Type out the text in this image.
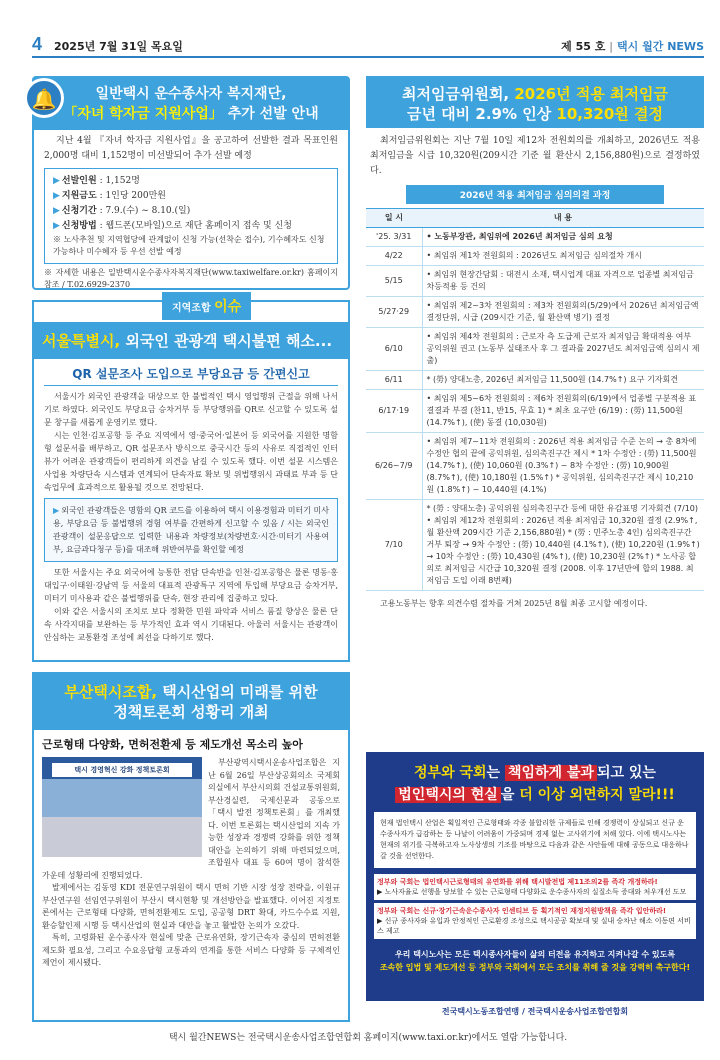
4 2025년 7월 31일 목요일	제 55 호 | 택시 월간 NEWS
일반택시 운수종사자 복지재단,
「자녀 학자금 지원사업」 추가 선발 안내

지난 4월 『자녀 학자금 지원사업』을 공고하여 선발한 결과 목표인원 2,000명 대비 1,152명이 미선발되어 추가 선발 예정

▶ 선발인원 : 1,152명
▶ 지원금도 : 1인당 200만원
▶ 신청기간 : 7.9.(수) ~ 8.10.(일)
▶ 신청방법 : 웹드폰(모바일)으로 재단 홈페이지 접속 및 신청
※ 노사추천 및 지역협당에 관계없이 신청 가능(선착순 접수), 기수혜자도 신청 가능하나 미수혜자 등 우선 선발 예정

※ 자세한 내용은 일반택시운수종사자복지재단(www.taxiwelfare.or.kr) 홈페이지 참조 / T.02.6929-2370

🔔
지역조합 이슈
서울특별시, 외국인 관광객 택시불편 해소...
QR 설문조사 도입으로 부당요금 등 간편신고

서울시가 외국인 관광객을 대상으로 한 불법적인 택시 영업행위 근절을 위해 나서기로 하였다. 외국인도 부당요금 승차거부 등 부당행위를 QR로 신고할 수 있도록 설문 창구를 새롭게 운영키로 했다.

시는 인천·김포공항 등 주요 지역에서 영·중국어·일본어 등 외국어를 지원한 명함형 설문서를 배부하고, QR 설문조사 방식으로 중국시간 등의 사유로 직접적인 인터뷰가 어려운 관광객들이 편리하게 의견을 남길 수 있도록 했다. 이번 설문 시스템은 사업용 차량단속 시스템과 연계되어 단속자료 확보 및 위법행위시 과태료 부과 등 단속업무에 효과적으로 활용될 것으로 전망된다.

▶ 외국인 관광객들은 명함의 QR 코드를 이용하여 택시 이용경험과 미터기 미사용, 부당요금 등 불법행위 경험 여부를 간편하게 신고할 수 있음 / 시는 외국인 관광객이 설문응답으로 입력한 내용과 차량정보(차량번호·시간·미터기 사용여부, 요금과다청구 등)를 대조해 위반여부를 확인할 예정

또한 서울시는 주요 외국어에 능통한 전담 단속반을 인천·김포공항은 물론 명동·홍대입구·이태원·강남역 등 서울의 대표적 관광특구 지역에 투입해 부당요금 승차거부, 미터기 미사용과 같은 불법행위를 단속, 현장 관리에 집중하고 있다.

이와 같은 서울시의 조치로 보다 정확한 민원 파악과 서비스 품질 향상은 물론 단속 사각지대를 보완하는 등 부가적인 효과 역시 기대된다. 아울러 서울시는 관광객이 안심하는 교통환경 조성에 최선을 다하기로 했다.

부산택시조합, 택시산업의 미래를 위한
정책토론회 성황리 개최
근로형태 다양화, 면허전환제 등 제도개선 목소리 높아
택시 경영혁신 강화 정책토론회

부산광역시택시운송사업조합은 지난 6월 26일 부산상공회의소 국제회의실에서 부산시의회 건설교통위원회, 부산경실련, 국제신문과 공동으로 「택시 발전 정책토론회」를 개최했다. 이번 토론회는 택시산업의 지속 가능한 성장과 경쟁력 강화를 위한 정책 대안을 논의하기 위해 마련되었으며, 조합원사 대표 등 60여 명이 참석한 가운데 성황리에 진행되었다.

발제에서는 김동영 KDI 전문연구위원이 택시 면허 기반 시장 성장 전략을, 이원규 부산연구원 선임연구위원이 부산시 택시현황 및 개선방안을 발표했다. 이어진 지정토론에서는 근로형태 다양화, 면허전환제도 도입, 공공형 DRT 확대, 카드수수료 지원, 환승할인제 시행 등 택시산업의 현실과 대안을 놓고 활발한 논의가 오갔다.

특히, 고령화된 운수종사자 현실에 맞춘 근로유연화, 장기근속자 중심의 면허전환 제도화 필요성, 그리고 수요응답형 교통과의 연계를 통한 서비스 다양화 등 구체적인 제언이 제시됐다.

최저임금위원회, 2026년 적용 최저임금
금년 대비 2.9% 인상 10,320원 결정

최저임금위원회는 지난 7월 10일 제12차 전원회의를 개최하고, 2026년도 적용 최저임금을 시급 10,320원(209시간 기준 월 환산시 2,156,880원)으로 결정하였다.

2026년 적용 최저임금 심의의결 과정
일 시	내 용
'25. 3/31	• 노동부장관, 최임위에 2026년 최저임금 심의 요청
4/22	• 최임위 제1차 전원회의 : 2026년도 최저임금 심의절차 개시
5/15	• 최임위 현장간담회 : 대전시 소재, 택시업계 대표 자격으로 업종별 최저임금 차등적용 등 건의
5/27·29	• 최임위 제2~3차 전원회의 : 제3차 전원회의(5/29)에서 2026년 최저임금액 결정단위, 시급 (209시간 기준, 월 환산액 병기) 결정
6/10	• 최임위 제4차 전원회의 : 근로자 측 도급제 근로자 최저임금 확대적용 여부 공익위원 권고 (노동부 실태조사 후 그 결과를 2027년도 최저임금액 심의시 제출)
6/11	* (勞) 양대노총, 2026년 최저임금 11,500원 (14.7%↑) 요구 기자회견
6/17·19	• 최임위 제5~6차 전원회의 : 제6차 전원회의(6/19)에서 업종별 구분적용 표결결과 부결 (찬11, 반15, 무효 1) * 최초 요구안 (6/19) : (勞) 11,500원 (14.7%↑), (使) 동결 (10,030원)
6/26~7/9	• 최임위 제7~11차 전원회의 : 2026년 적용 최저임금 수준 논의 → 총 8차에 수정안 협의 끝에 공익위원, 심의촉진구간 제시 * 1차 수정안 : (勞) 11,500원 (14.7%↑), (使) 10,060원 (0.3%↑) ~ 8차 수정안 : (勞) 10,900원 (8.7%↑), (使) 10,180원 (1.5%↑) * 공익위원, 심의촉진구간 제시 10,210원 (1.8%↑) ~ 10,440원 (4.1%)
7/10	* (勞 : 양대노총) 공익위원 심의촉진구간 등에 대한 유감표명 기자회견 (7/10) • 최임위 제12차 전원회의 : 2026년 적용 최저임금 10,320원 결정 (2.9%↑, 월 환산액 209시간 기준 2,156,880원) * (勞 : 민주노총 4인) 심의촉진구간 거부 퇴장 → 9차 수정안 : (勞) 10,440원 (4.1%↑), (使) 10,220원 (1.9%↑) → 10차 수정안 : (勞) 10,430원 (4%↑), (使) 10,230원 (2%↑) * 노사공 합의로 최저임금 시간급 10,320원 결정 (2008. 이후 17년만에 합의 1988. 최저임금 도입 이래 8번째)

고용노동부는 향후 의견수렴 절차를 거쳐 2025년 8월 최종 고시할 예정이다.

정부와 국회는 책임하게 불과 되고 있는
법인택시의 현실 을 더 이상 외면하지 말라!!!
현재 법인택시 산업은 획일적인 근로형태와 각종 불합리한 규제들로 인해 경쟁력이 상실되고 신규 운수종사자가 급감하는 등 나날이 어려움이 가중되며 경제 없는 고사위기에 처해 있다. 이에 택시노사는 현재의 위기를 극복하고자 노사상생의 기조를 바탕으로 다음과 같은 사안들에 대해 공동으로 대응하나갈 것을 선언한다.
정부와 국회는 법인택시근로형태의 유연화를 위해 택시발전법 제11조의2를 즉각 개정하라!
▶ 노사자율로 선행을 당보할 수 있는 근로형태 다양화로 운수종사자의 실질소득 증대와 처우개선 도모
정부와 국회는 신규·장기근속운수종사자 인센티브 등 획기적인 재정지원방책을 즉각 입안하라!
▶ 신규 종사자와 유입과 안정적인 근로환경 조성으로 택시공공 확보대 및 실내 승차난 해소 이동편 서비스 제고
우리 택시노사는 모든 택시종사자들이 삶의 터전을 유지하고 지켜나갈 수 있도록
조속한 입법 및 제도개선 등 정부와 국회에서 모든 조치를 취해 줄 것을 강력히 촉구한다!
전국택시노동조합연맹 / 전국택시운송사업조합연합회
택시 월간NEWS는 전국택시운송사업조합연합회 홈페이지(www.taxi.or.kr)에서도 열람 가능합니다.
